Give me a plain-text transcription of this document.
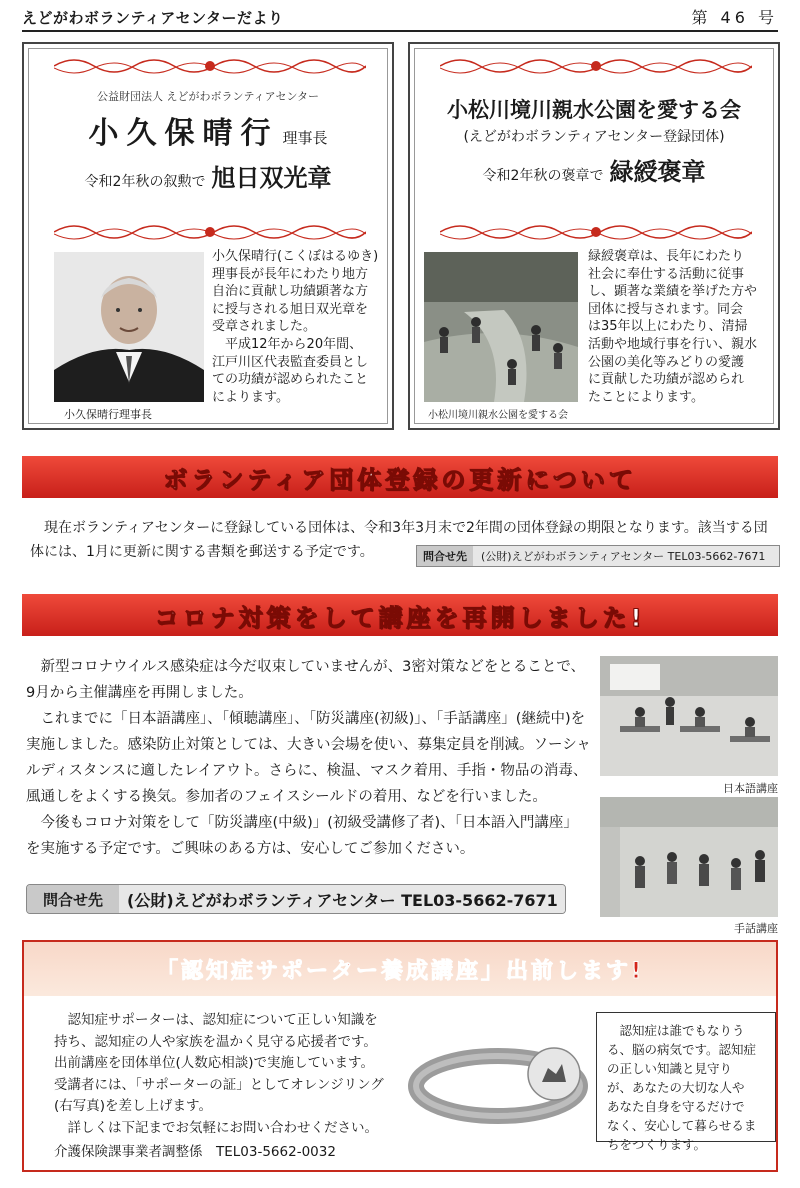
えどがわボランティアセンターだより	第 46 号
公益財団法人 えどがわボランティアセンター
小久保晴行 理事長
令和2年秋の叙勲で 旭日双光章
小久保晴行理事長
小久保晴行(こくぼはるゆき)
理事長が長年にわたり地方
自治に貢献し功績顕著な方
に授与される旭日双光章を
受章されました。
　平成12年から20年間、
江戸川区代表監査委員とし
ての功績が認められたこと
によります。
小松川境川親水公園を愛する会
(えどがわボランティアセンター登録団体)
令和2年秋の褒章で 緑綬褒章
小松川境川親水公園を愛する会
緑綬褒章は、長年にわたり
社会に奉仕する活動に従事
し、顕著な業績を挙げた方や
団体に授与されます。同会
は35年以上にわたり、清掃
活動や地域行事を行い、親水
公園の美化等みどりの愛護
に貢献した功績が認められ
たことによります。
ボランティア団体登録の更新について
　現在ボランティアセンターに登録している団体は、令和3年3月末で2年間の団体登録の期限となります。該当する団体には、1月に更新に関する書類を郵送する予定です。	問合せ先	(公財)えどがわボランティアセンター TEL03-5662-7671
コロナ対策をして講座を再開しました!
　新型コロナウイルス感染症は今だ収束していませんが、3密対策などをとることで、9月から主催講座を再開しました。
　これまでに「日本語講座」、「傾聴講座」、「防災講座(初級)」、「手話講座」(継続中)を実施しました。感染防止対策としては、大きい会場を使い、募集定員を削減。ソーシャルディスタンスに適したレイアウト。さらに、検温、マスク着用、手指・物品の消毒、風通しをよくする換気。参加者のフェイスシールドの着用、などを行いました。
　今後もコロナ対策をして「防災講座(中級)」(初級受講修了者)、「日本語入門講座」を実施する予定です。ご興味のある方は、安心してご参加ください。
問合せ先	(公財)えどがわボランティアセンター TEL03-5662-7671
日本語講座
手話講座
「認知症サポーター養成講座」出前します!
　認知症サポーターは、認知症について正しい知識を
持ち、認知症の人や家族を温かく見守る応援者です。
出前講座を団体単位(人数応相談)で実施しています。
受講者には、「サポーターの証」としてオレンジリング
(右写真)を差し上げます。
　詳しくは下記までお気軽にお問い合わせください。
介護保険課事業者調整係　TEL03-5662-0032
　認知症は誰でもなりう
る、脳の病気です。認知症
の正しい知識と見守り
が、あなたの大切な人や
あなた自身を守るだけで
なく、安心して暮らせるま
ちをつくります。
